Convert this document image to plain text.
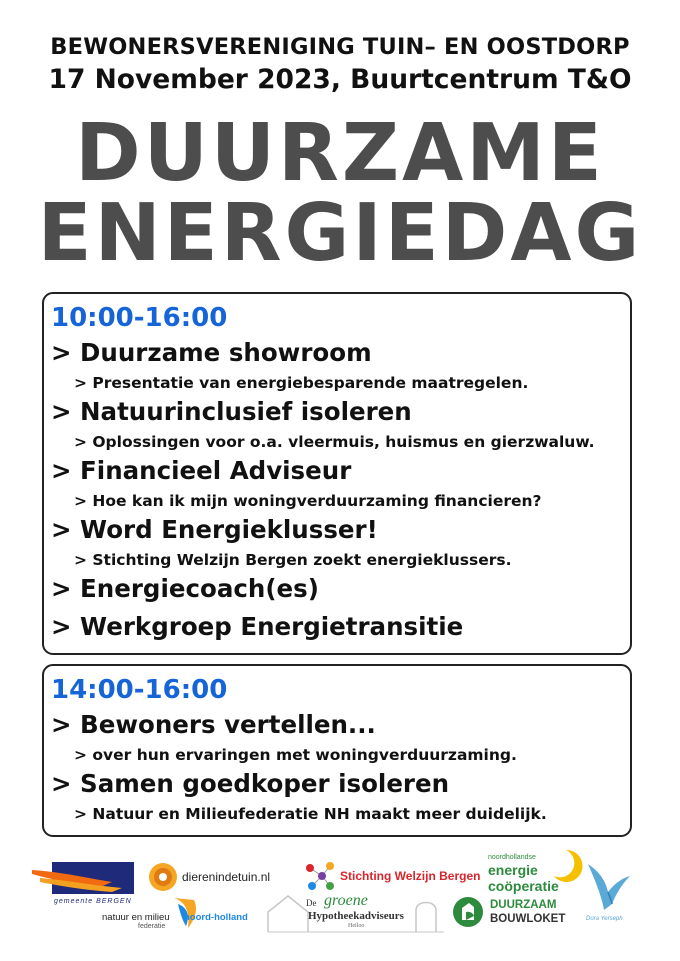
BEWONERSVERENIGING TUIN– EN OOSTDORP
17 November 2023, Buurtcentrum T&O
DUURZAME
ENERGIEDAG
10:00-16:00
> Duurzame showroom
> Presentatie van energiebesparende maatregelen.
> Natuurinclusief isoleren
> Oplossingen voor o.a. vleermuis, huismus en gierzwaluw.
> Financieel Adviseur
> Hoe kan ik mijn woningverduurzaming financieren?
> Word Energieklusser!
> Stichting Welzijn Bergen zoekt energieklussers.
> Energiecoach(es)
> Werkgroep Energietransitie
14:00-16:00
> Bewoners vertellen...
> over hun ervaringen met woningverduurzaming.
> Samen goedkoper isoleren
> Natuur en Milieufederatie NH maakt meer duidelijk.
gemeente BERGEN
dierenindetuin.nl	Stichting Welzijn Bergen
noordhollandse
energie
coöperatie
Dora Yerseph
natuur en milieu
federatie
noord-holland
De groene
Hypotheekadviseurs
Heiloo
DUURZAAM
BOUWLOKET
